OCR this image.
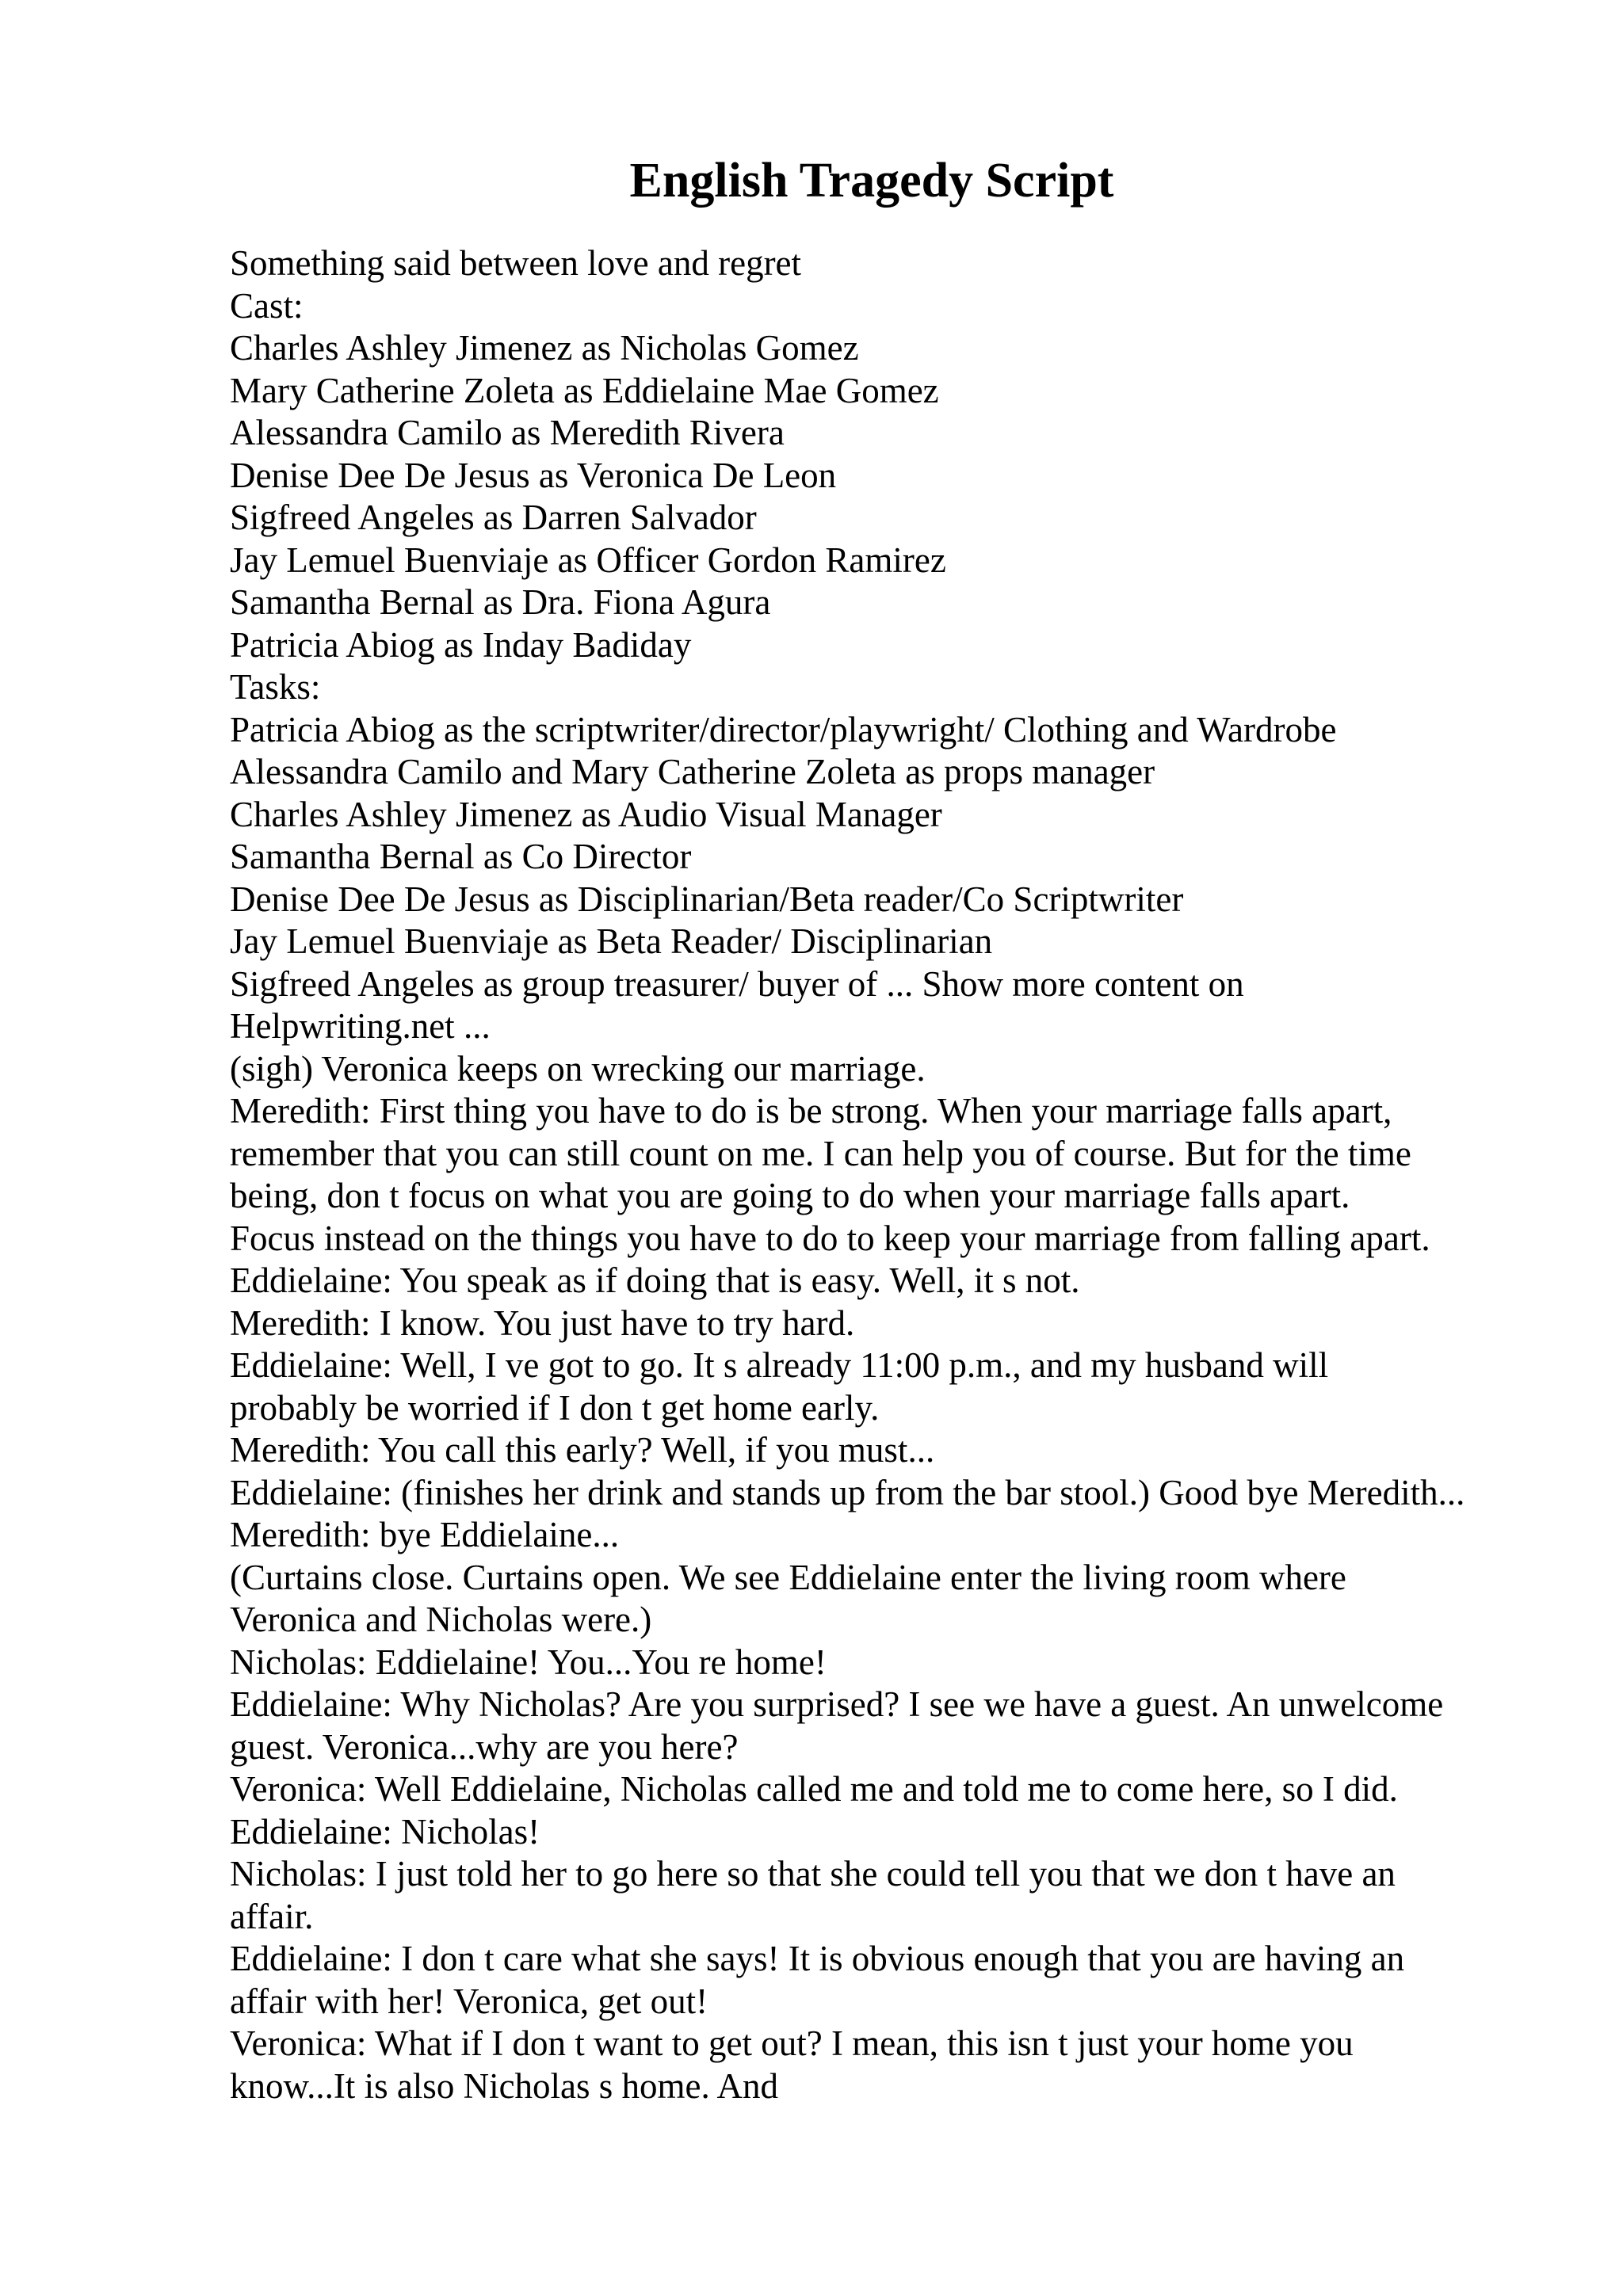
English Tragedy Script
Something said between love and regret
Cast:
Charles Ashley Jimenez as Nicholas Gomez
Mary Catherine Zoleta as Eddielaine Mae Gomez
Alessandra Camilo as Meredith Rivera
Denise Dee De Jesus as Veronica De Leon
Sigfreed Angeles as Darren Salvador
Jay Lemuel Buenviaje as Officer Gordon Ramirez
Samantha Bernal as Dra. Fiona Agura
Patricia Abiog as Inday Badiday
Tasks:
Patricia Abiog as the scriptwriter/director/playwright/ Clothing and Wardrobe
Alessandra Camilo and Mary Catherine Zoleta as props manager
Charles Ashley Jimenez as Audio Visual Manager
Samantha Bernal as Co Director
Denise Dee De Jesus as Disciplinarian/Beta reader/Co Scriptwriter
Jay Lemuel Buenviaje as Beta Reader/ Disciplinarian
Sigfreed Angeles as group treasurer/ buyer of ... Show more content on
Helpwriting.net ...
(sigh) Veronica keeps on wrecking our marriage.
Meredith: First thing you have to do is be strong. When your marriage falls apart,
remember that you can still count on me. I can help you of course. But for the time
being, don t focus on what you are going to do when your marriage falls apart.
Focus instead on the things you have to do to keep your marriage from falling apart.
Eddielaine: You speak as if doing that is easy. Well, it s not.
Meredith: I know. You just have to try hard.
Eddielaine: Well, I ve got to go. It s already 11:00 p.m., and my husband will
probably be worried if I don t get home early.
Meredith: You call this early? Well, if you must...
Eddielaine: (finishes her drink and stands up from the bar stool.) Good bye Meredith...
Meredith: bye Eddielaine...
(Curtains close. Curtains open. We see Eddielaine enter the living room where
Veronica and Nicholas were.)
Nicholas: Eddielaine! You...You re home!
Eddielaine: Why Nicholas? Are you surprised? I see we have a guest. An unwelcome
guest. Veronica...why are you here?
Veronica: Well Eddielaine, Nicholas called me and told me to come here, so I did.
Eddielaine: Nicholas!
Nicholas: I just told her to go here so that she could tell you that we don t have an
affair.
Eddielaine: I don t care what she says! It is obvious enough that you are having an
affair with her! Veronica, get out!
Veronica: What if I don t want to get out? I mean, this isn t just your home you
know...It is also Nicholas s home. And
